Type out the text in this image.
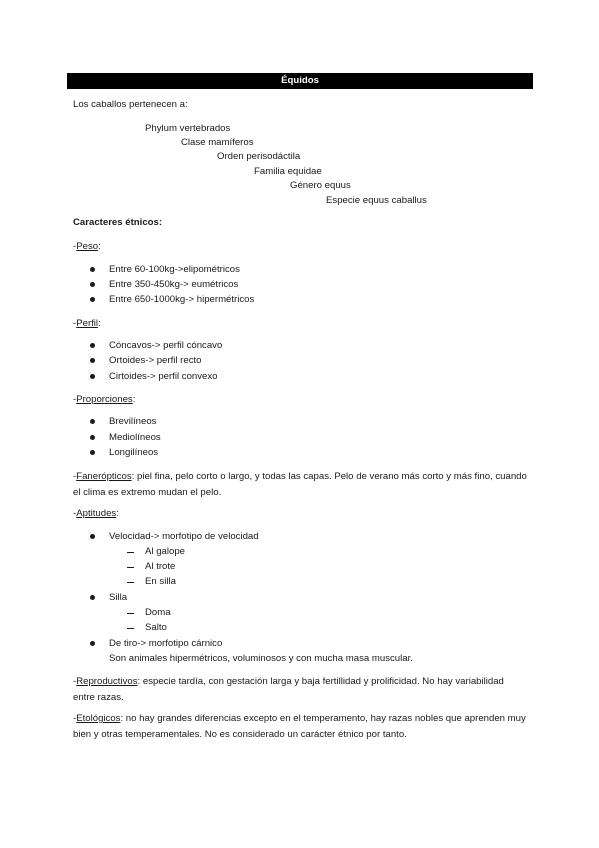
Équidos
Los caballos pertenecen a:
Phylum vertebrados
Clase mamíferos
Orden perisodáctila
Familia equidae
Género equus
Especie equus caballus
Caracteres étnicos:
-Peso:
Entre 60-100kg->elipométricos
Entre 350-450kg-> eumétricos
Entre 650-1000kg-> hipermétricos
-Perfil:
Cóncavos-> perfil cóncavo
Ortoides-> perfil recto
Cirtoides-> perfil convexo
-Proporciones:
Brevilíneos
Mediolíneos
Longilíneos
-Fanerópticos: piel fina, pelo corto o largo, y todas las capas. Pelo de verano más corto y más fino, cuando el clima es extremo mudan el pelo.
-Aptitudes:
Velocidad-> morfotipo de velocidad
Al galope
Al trote
En silla
Silla
Doma
Salto
De tiro-> morfotipo cárnico
Son animales hipermétricos, voluminosos y con mucha masa muscular.
-Reproductivos: especie tardía, con gestación larga y baja fertillidad y prolificidad. No hay variabilidad entre razas.
-Etológicos: no hay grandes diferencias excepto en el temperamento, hay razas nobles que aprenden muy bien y otras temperamentales. No es considerado un carácter étnico por tanto.
